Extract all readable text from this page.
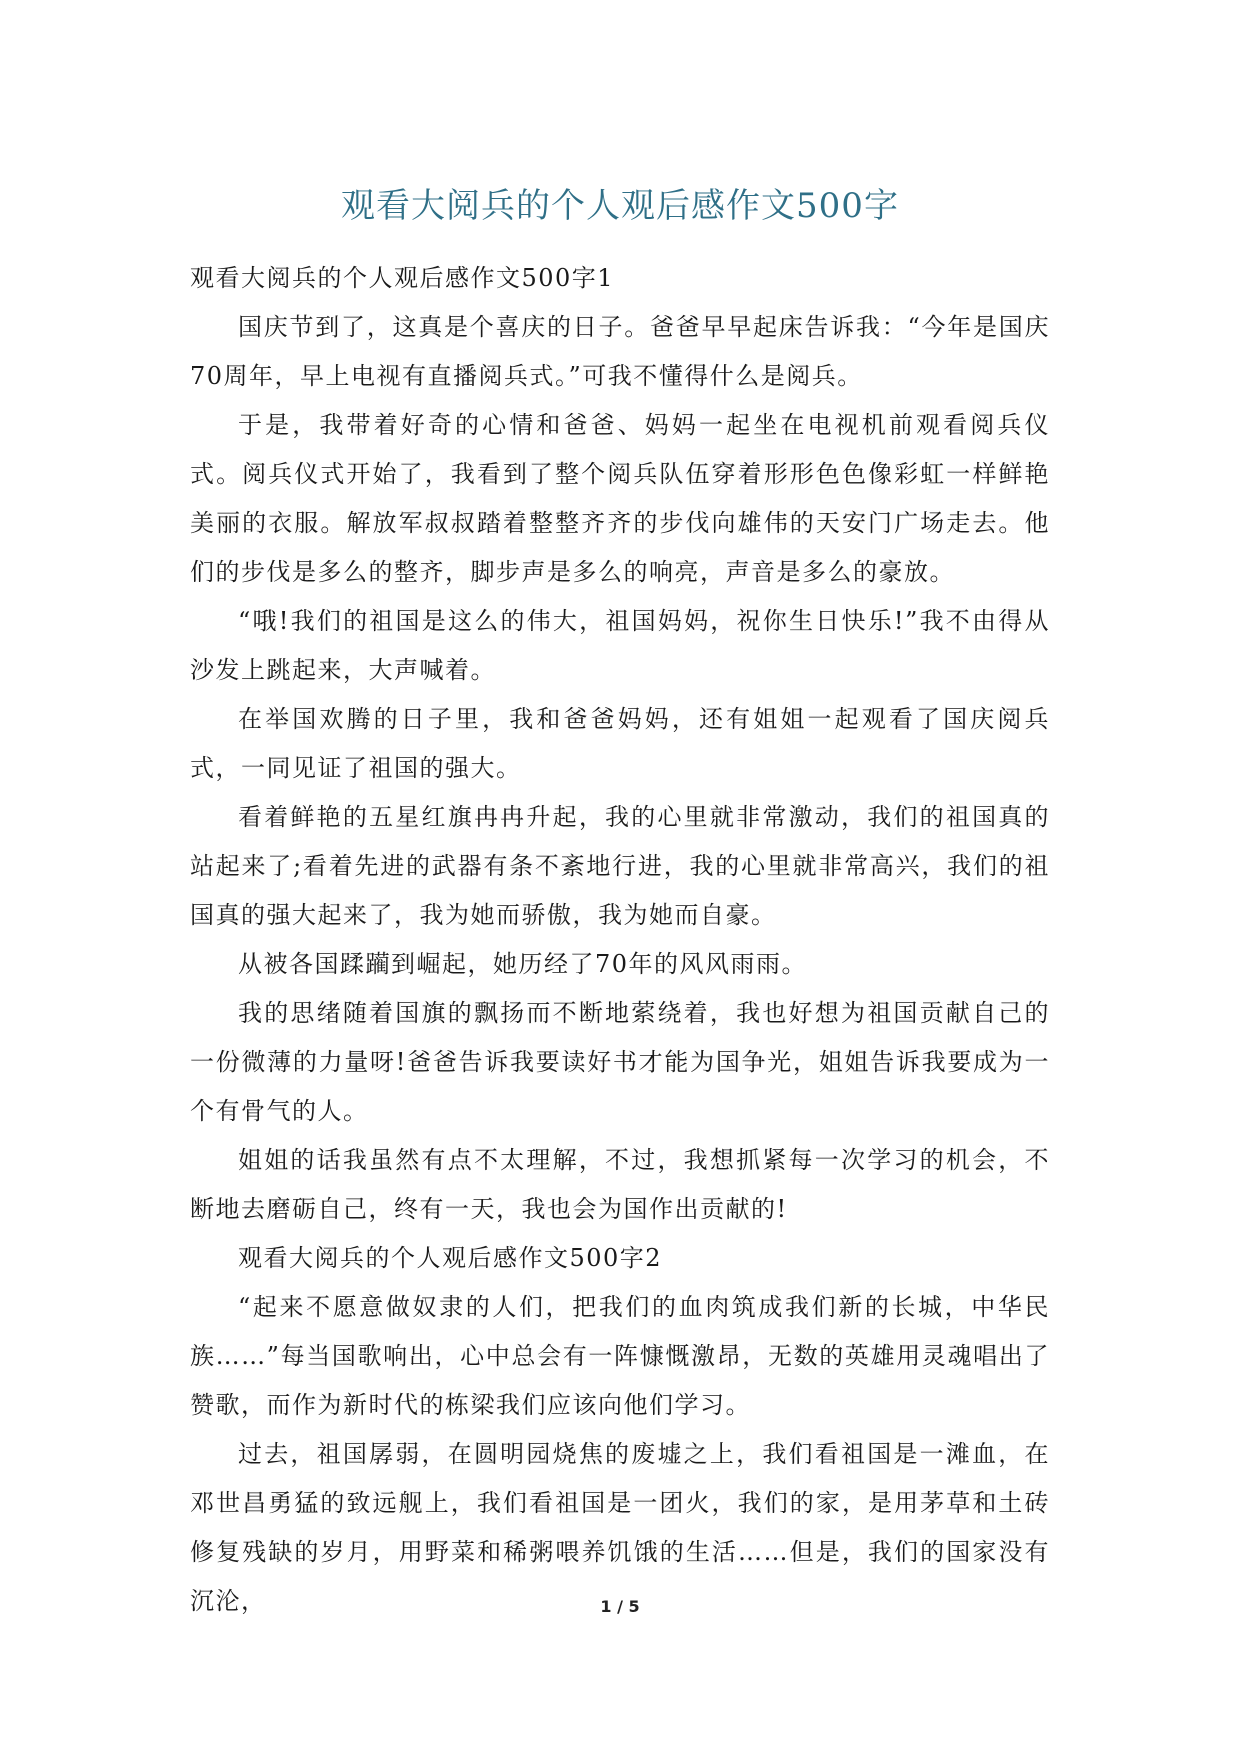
观看大阅兵的个人观后感作文500字

观看大阅兵的个人观后感作文500字1

国庆节到了，这真是个喜庆的日子。爸爸早早起床告诉我：“今年是国庆70周年，早上电视有直播阅兵式。”可我不懂得什么是阅兵。

于是，我带着好奇的心情和爸爸、妈妈一起坐在电视机前观看阅兵仪式。阅兵仪式开始了，我看到了整个阅兵队伍穿着形形色色像彩虹一样鲜艳美丽的衣服。解放军叔叔踏着整整齐齐的步伐向雄伟的天安门广场走去。他们的步伐是多么的整齐，脚步声是多么的响亮，声音是多么的豪放。

“哦!我们的祖国是这么的伟大，祖国妈妈，祝你生日快乐!”我不由得从沙发上跳起来，大声喊着。

在举国欢腾的日子里，我和爸爸妈妈，还有姐姐一起观看了国庆阅兵式，一同见证了祖国的强大。

看着鲜艳的五星红旗冉冉升起，我的心里就非常激动，我们的祖国真的站起来了;看着先进的武器有条不紊地行进，我的心里就非常高兴，我们的祖国真的强大起来了，我为她而骄傲，我为她而自豪。

从被各国蹂躏到崛起，她历经了70年的风风雨雨。

我的思绪随着国旗的飘扬而不断地萦绕着，我也好想为祖国贡献自己的一份微薄的力量呀!爸爸告诉我要读好书才能为国争光，姐姐告诉我要成为一个有骨气的人。

姐姐的话我虽然有点不太理解，不过，我想抓紧每一次学习的机会，不断地去磨砺自己，终有一天，我也会为国作出贡献的!

观看大阅兵的个人观后感作文500字2

“起来不愿意做奴隶的人们，把我们的血肉筑成我们新的长城，中华民族……”每当国歌响出，心中总会有一阵慷慨激昂，无数的英雄用灵魂唱出了赞歌，而作为新时代的栋梁我们应该向他们学习。

过去，祖国孱弱，在圆明园烧焦的废墟之上，我们看祖国是一滩血，在邓世昌勇猛的致远舰上，我们看祖国是一团火，我们的家，是用茅草和土砖修复残缺的岁月，用野菜和稀粥喂养饥饿的生活……但是，我们的国家没有沉沦，	1 / 5
